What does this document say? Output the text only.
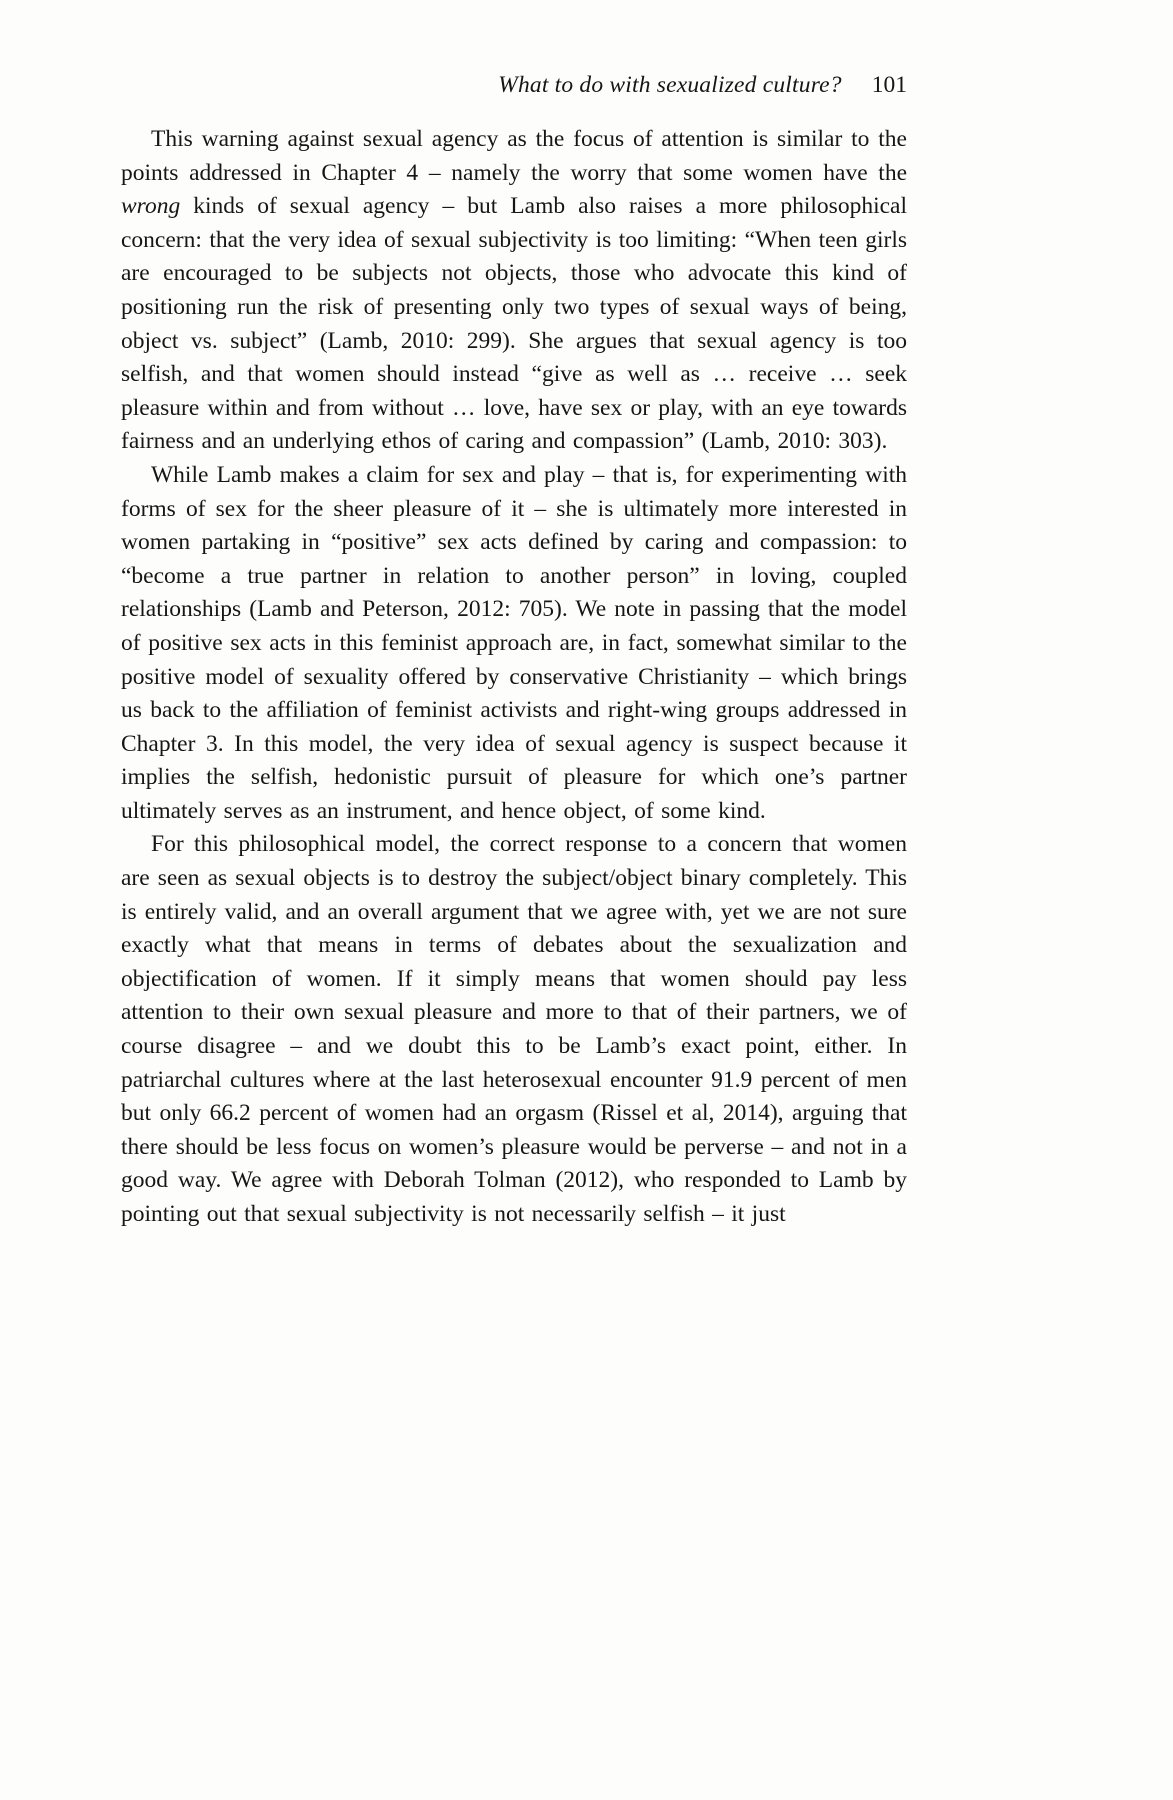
What to do with sexualized culture? 101

This warning against sexual agency as the focus of attention is similar to the points addressed in Chapter 4 – namely the worry that some women have the wrong kinds of sexual agency – but Lamb also raises a more philosophical concern: that the very idea of sexual subjectivity is too limiting: “When teen girls are encouraged to be subjects not objects, those who advocate this kind of positioning run the risk of presenting only two types of sexual ways of being, object vs. subject” (Lamb, 2010: 299). She argues that sexual agency is too selfish, and that women should instead “give as well as … receive … seek pleasure within and from without … love, have sex or play, with an eye towards fairness and an underlying ethos of caring and compassion” (Lamb, 2010: 303).

While Lamb makes a claim for sex and play – that is, for experimenting with forms of sex for the sheer pleasure of it – she is ultimately more interested in women partaking in “positive” sex acts defined by caring and compassion: to “become a true partner in relation to another person” in loving, coupled relationships (Lamb and Peterson, 2012: 705). We note in passing that the model of positive sex acts in this feminist approach are, in fact, somewhat similar to the positive model of sexuality offered by conservative Christianity – which brings us back to the affiliation of feminist activists and right-wing groups addressed in Chapter 3. In this model, the very idea of sexual agency is suspect because it implies the selfish, hedonistic pursuit of pleasure for which one’s partner ultimately serves as an instrument, and hence object, of some kind.

For this philosophical model, the correct response to a concern that women are seen as sexual objects is to destroy the subject/object binary completely. This is entirely valid, and an overall argument that we agree with, yet we are not sure exactly what that means in terms of debates about the sexualization and objectification of women. If it simply means that women should pay less attention to their own sexual pleasure and more to that of their partners, we of course disagree – and we doubt this to be Lamb’s exact point, either. In patriarchal cultures where at the last heterosexual encounter 91.9 percent of men but only 66.2 percent of women had an orgasm (Rissel et al, 2014), arguing that there should be less focus on women’s pleasure would be perverse – and not in a good way. We agree with Deborah Tolman (2012), who responded to Lamb by pointing out that sexual subjectivity is not necessarily selfish – it just
